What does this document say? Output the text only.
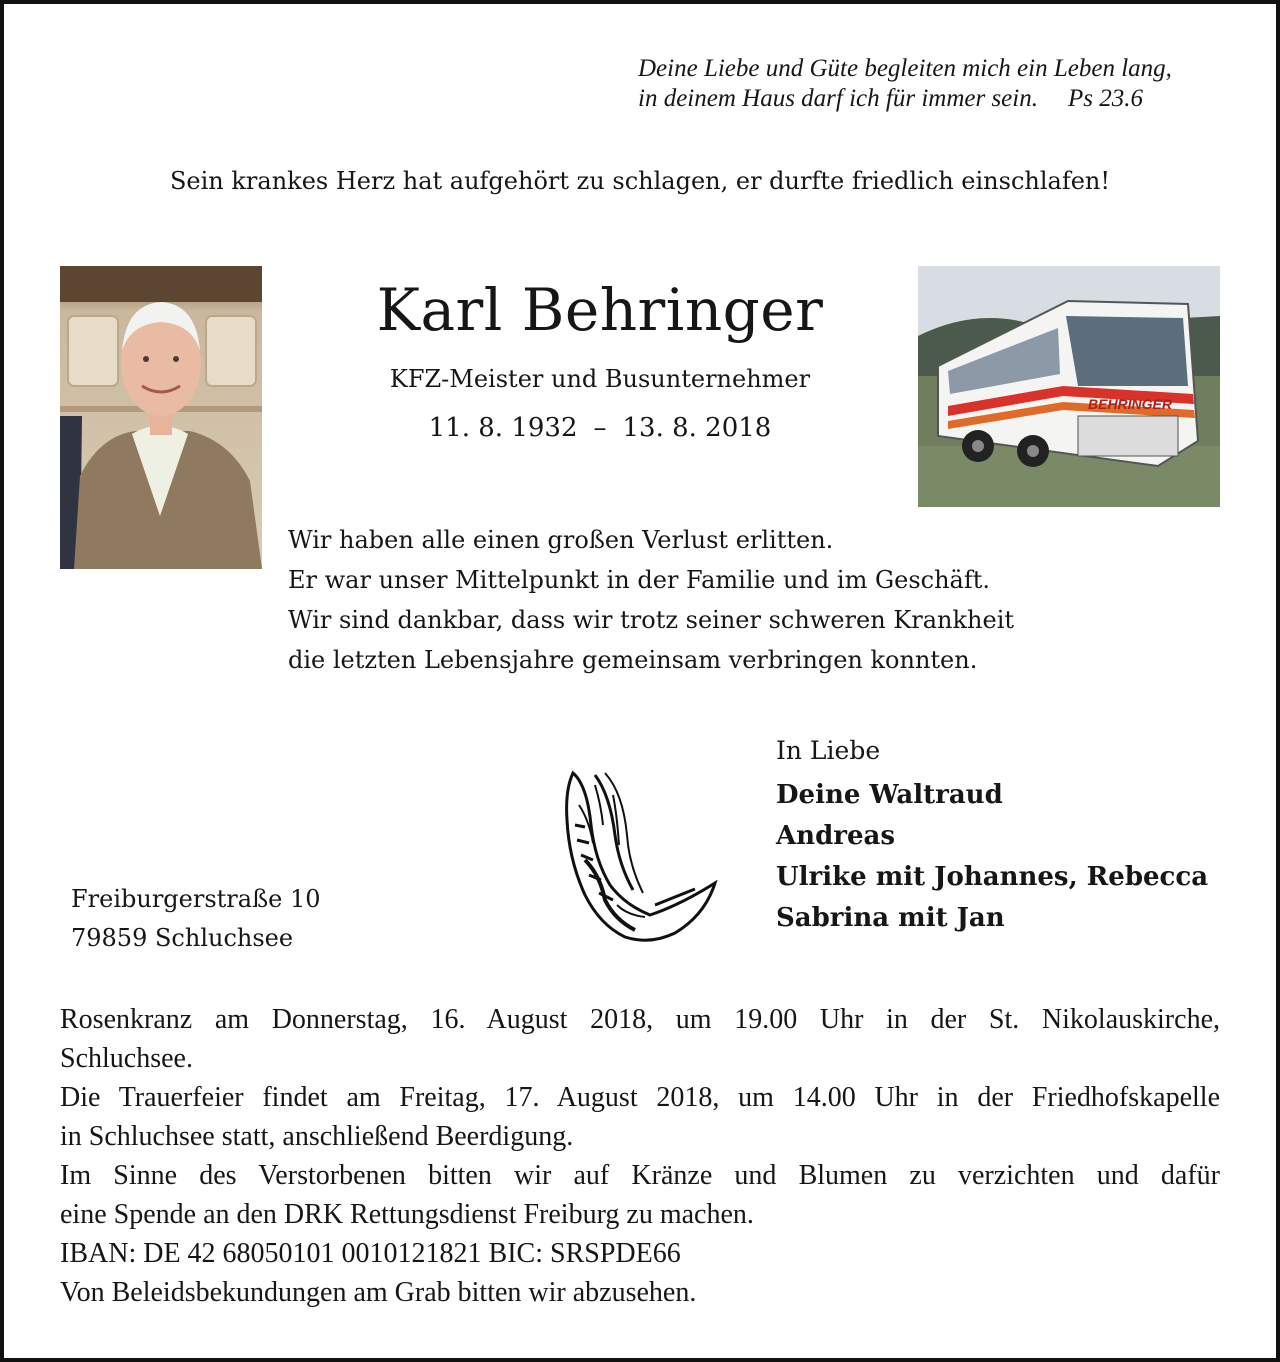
Deine Liebe und Güte begleiten mich ein Leben lang,
in deinem Haus darf ich für immer sein. Ps 23.6
Sein krankes Herz hat aufgehört zu schlagen, er durfte friedlich einschlafen!
Karl Behringer
KFZ-Meister und Busunternehmer
11. 8. 1932 – 13. 8. 2018
BEHRINGER
Wir haben alle einen großen Verlust erlitten.
Er war unser Mittelpunkt in der Familie und im Geschäft.
Wir sind dankbar, dass wir trotz seiner schweren Krankheit
die letzten Lebensjahre gemeinsam verbringen konnten.
In Liebe
Deine Waltraud
Andreas
Ulrike mit Johannes, Rebecca
Sabrina mit Jan
Freiburgerstraße 10
79859 Schluchsee
Rosenkranz am Donnerstag, 16. August 2018, um 19.00 Uhr in der St. Nikolauskirche,
Schluchsee.
Die Trauerfeier findet am Freitag, 17. August 2018, um 14.00 Uhr in der Friedhofskapelle
in Schluchsee statt, anschließend Beerdigung.
Im Sinne des Verstorbenen bitten wir auf Kränze und Blumen zu verzichten und dafür
eine Spende an den DRK Rettungsdienst Freiburg zu machen.
IBAN: DE 42 68050101 0010121821 BIC: SRSPDE66
Von Beleidsbekundungen am Grab bitten wir abzusehen.
